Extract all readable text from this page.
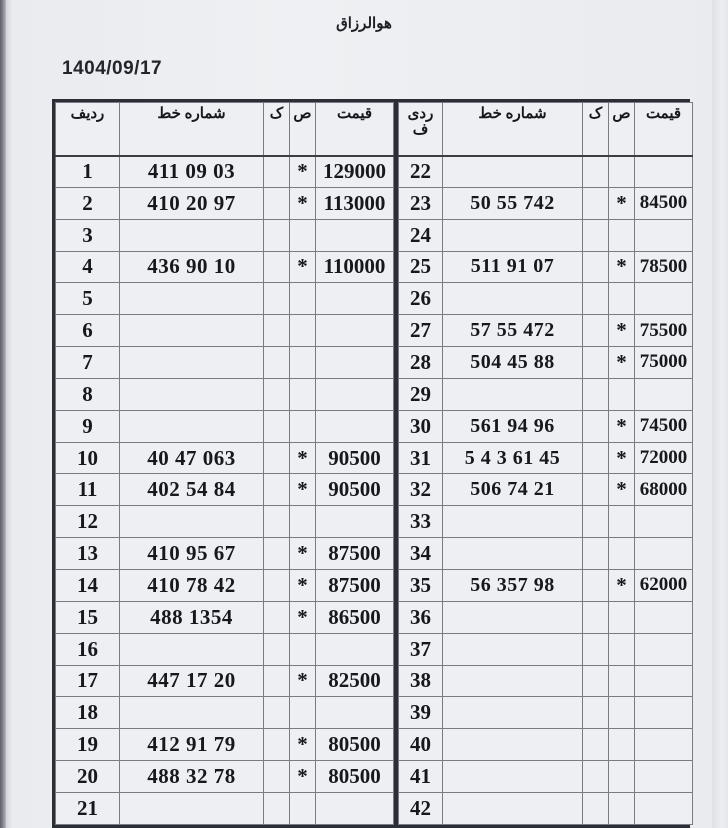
هوالرزاق
1404/09/17
ردیف	شماره خط	ک	ص	قیمت

1	411 09 03		*	129000
2	410 20 97		*	113000
3				
4	436 90 10		*	110000
5				
6				
7				
8				
9				
10	40 47 063		*	90500
11	402 54 84		*	90500
12				
13	410 95 67		*	87500
14	410 78 42		*	87500
15	488 1354		*	86500
16				
17	447 17 20		*	82500
18				
19	412 91 79		*	80500
20	488 32 78		*	80500
21				
ردی ف	شماره خط	ک	ص	قیمت

22				
23	50 55 742		*	84500
24				
25	511 91 07		*	78500
26				
27	57 55 472		*	75500
28	504 45 88		*	75000
29				
30	561 94 96		*	74500
31	5 4 3 61 45		*	72000
32	506 74 21		*	68000
33				
34				
35	56 357 98		*	62000
36				
37				
38				
39				
40				
41				
42				
